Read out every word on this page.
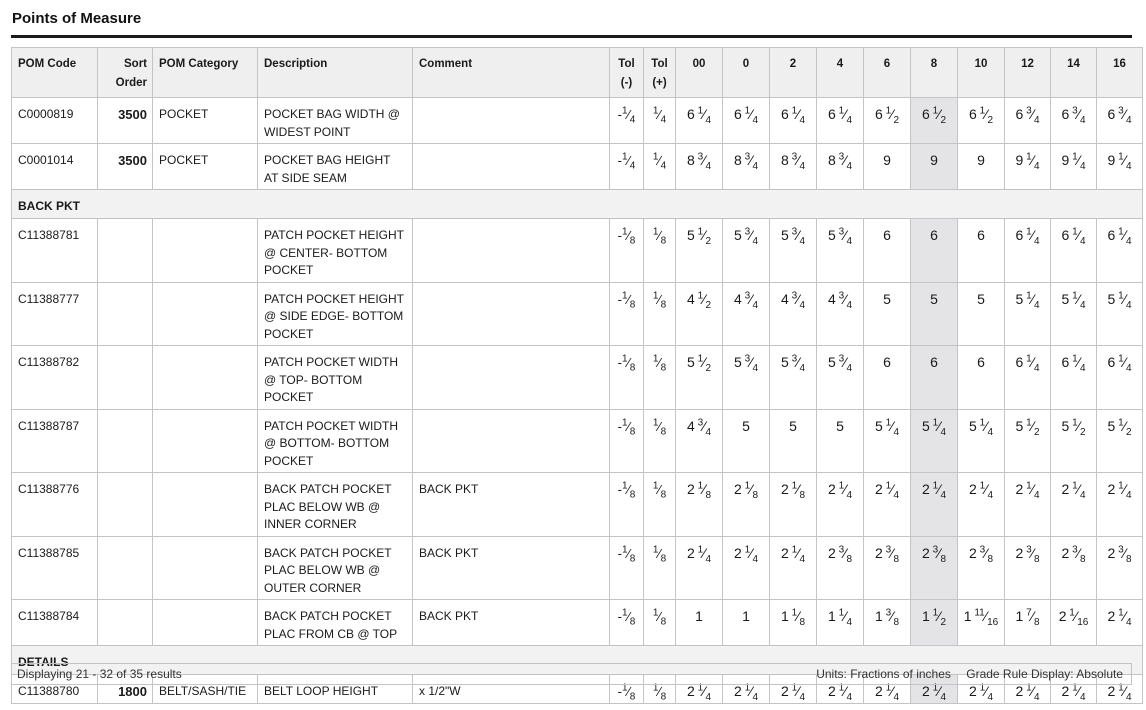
Points of Measure
POM Code	Sort Order	POM Category	Description	Comment	Tol (-)	Tol (+)	00	0	2	4	6	8	10	12	14	16
C0000819	3500	POCKET	POCKET BAG WIDTH @ WIDEST POINT		$-^1⁄_4$	$^1⁄_4$	6 $^1⁄_4$	6 $^1⁄_4$	6 $^1⁄_4$	6 $^1⁄_4$	6 $^1⁄_2$	6 $^1⁄_2$	6 $^1⁄_2$	6 $^3⁄_4$	6 $^3⁄_4$	6 $^3⁄_4$
C0001014	3500	POCKET	POCKET BAG HEIGHT AT SIDE SEAM		$-^1⁄_4$	$^1⁄_4$	8 $^3⁄_4$	8 $^3⁄_4$	8 $^3⁄_4$	8 $^3⁄_4$	9	9	9	9 $^1⁄_4$	9 $^1⁄_4$	9 $^1⁄_4$
BACK PKT																
C11388781			PATCH POCKET HEIGHT @ CENTER- BOTTOM POCKET		$-^1⁄_8$	$^1⁄_8$	5 $^1⁄_2$	5 $^3⁄_4$	5 $^3⁄_4$	5 $^3⁄_4$	6	6	6	6 $^1⁄_4$	6 $^1⁄_4$	6 $^1⁄_4$
C11388777			PATCH POCKET HEIGHT @ SIDE EDGE- BOTTOM POCKET		$-^1⁄_8$	$^1⁄_8$	4 $^1⁄_2$	4 $^3⁄_4$	4 $^3⁄_4$	4 $^3⁄_4$	5	5	5	5 $^1⁄_4$	5 $^1⁄_4$	5 $^1⁄_4$
C11388782			PATCH POCKET WIDTH @ TOP- BOTTOM POCKET		$-^1⁄_8$	$^1⁄_8$	5 $^1⁄_2$	5 $^3⁄_4$	5 $^3⁄_4$	5 $^3⁄_4$	6	6	6	6 $^1⁄_4$	6 $^1⁄_4$	6 $^1⁄_4$
C11388787			PATCH POCKET WIDTH @ BOTTOM- BOTTOM POCKET		$-^1⁄_8$	$^1⁄_8$	4 $^3⁄_4$	5	5	5	5 $^1⁄_4$	5 $^1⁄_4$	5 $^1⁄_4$	5 $^1⁄_2$	5 $^1⁄_2$	5 $^1⁄_2$
C11388776			BACK PATCH POCKET PLAC BELOW WB @ INNER CORNER	BACK PKT	$-^1⁄_8$	$^1⁄_8$	2 $^1⁄_8$	2 $^1⁄_8$	2 $^1⁄_8$	2 $^1⁄_4$	2 $^1⁄_4$	2 $^1⁄_4$	2 $^1⁄_4$	2 $^1⁄_4$	2 $^1⁄_4$	2 $^1⁄_4$
C11388785			BACK PATCH POCKET PLAC BELOW WB @ OUTER CORNER	BACK PKT	$-^1⁄_8$	$^1⁄_8$	2 $^1⁄_4$	2 $^1⁄_4$	2 $^1⁄_4$	2 $^3⁄_8$	2 $^3⁄_8$	2 $^3⁄_8$	2 $^3⁄_8$	2 $^3⁄_8$	2 $^3⁄_8$	2 $^3⁄_8$
C11388784			BACK PATCH POCKET PLAC FROM CB @ TOP	BACK PKT	$-^1⁄_8$	$^1⁄_8$	1	1	1 $^1⁄_8$	1 $^1⁄_4$	1 $^3⁄_8$	1 $^1⁄_2$	1 $^{11}⁄_{16}$	1 $^7⁄_8$	2 $^1⁄_{16}$	2 $^1⁄_4$
DETAILS																
C11388780	1800	BELT/SASH/TIE	BELT LOOP HEIGHT	x 1/2"W	$-^1⁄_8$	$^1⁄_8$	2 $^1⁄_4$	2 $^1⁄_4$	2 $^1⁄_4$	2 $^1⁄_4$	2 $^1⁄_4$	2 $^1⁄_4$	2 $^1⁄_4$	2 $^1⁄_4$	2 $^1⁄_4$	2 $^1⁄_4$
Displaying 21 - 32 of 35 results	Units: Fractions of inches Grade Rule Display: Absolute
